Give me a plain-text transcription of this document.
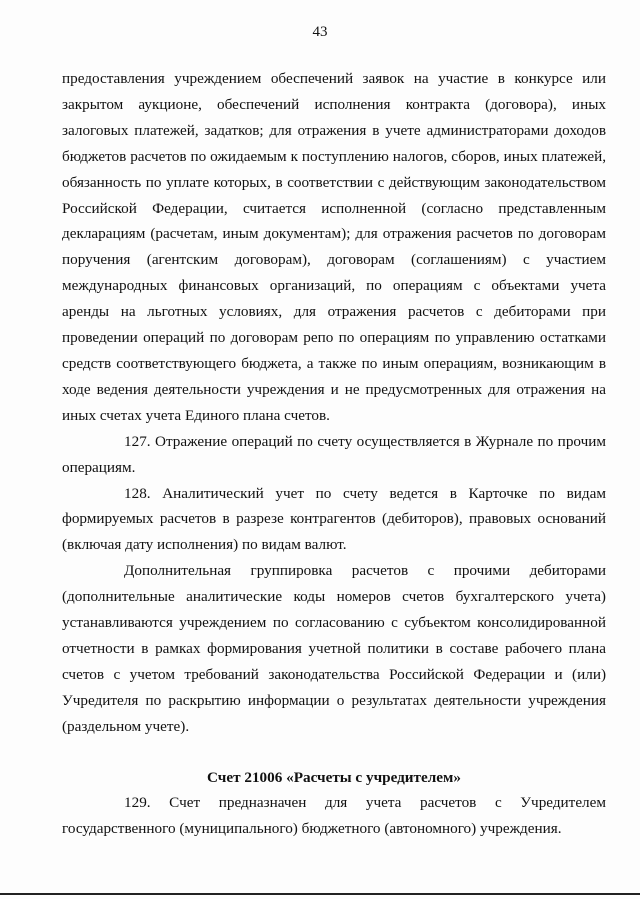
43

предоставления учреждением обеспечений заявок на участие в конкурсе или закрытом аукционе, обеспечений исполнения контракта (договора), иных залоговых платежей, задатков; для отражения в учете администраторами доходов бюджетов расчетов по ожидаемым к поступлению налогов, сборов, иных платежей, обязанность по уплате которых, в соответствии с действующим законодательством Российской Федерации, считается исполненной (согласно представленным декларациям (расчетам, иным документам); для отражения расчетов по договорам поручения (агентским договорам), договорам (соглашениям) с участием международных финансовых организаций, по операциям с объектами учета аренды на льготных условиях, для отражения расчетов с дебиторами при проведении операций по договорам репо по операциям по управлению остатками средств соответствующего бюджета, а также по иным операциям, возникающим в ходе ведения деятельности учреждения и не предусмотренных для отражения на иных счетах учета Единого плана счетов.

127. Отражение операций по счету осуществляется в Журнале по прочим операциям.

128. Аналитический учет по счету ведется в Карточке по видам формируемых расчетов в разрезе контрагентов (дебиторов), правовых оснований (включая дату исполнения) по видам валют.

Дополнительная группировка расчетов с прочими дебиторами (дополнительные аналитические коды номеров счетов бухгалтерского учета) устанавливаются учреждением по согласованию с субъектом консолидированной отчетности в рамках формирования учетной политики в составе рабочего плана счетов с учетом требований законодательства Российской Федерации и (или) Учредителя по раскрытию информации о результатах деятельности учреждения (раздельном учете).

Счет 21006 «Расчеты с учредителем»

129. Счет предназначен для учета расчетов с Учредителем государственного (муниципального) бюджетного (автономного) учреждения.
